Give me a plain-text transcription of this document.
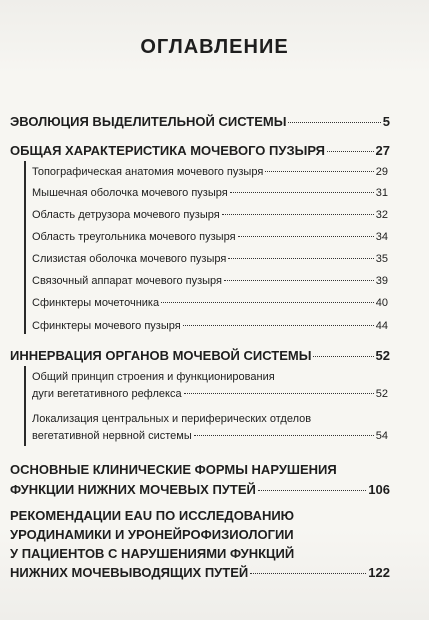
ОГЛАВЛЕНИЕ
ЭВОЛЮЦИЯ ВЫДЕЛИТЕЛЬНОЙ СИСТЕМЫ	5
ОБЩАЯ ХАРАКТЕРИСТИКА МОЧЕВОГО ПУЗЫРЯ	27
Топографическая анатомия мочевого пузыря	29
Мышечная оболочка мочевого пузыря	31
Область детрузора мочевого пузыря	32
Область треугольника мочевого пузыря	34
Слизистая оболочка мочевого пузыря	35
Связочный аппарат мочевого пузыря	39
Сфинктеры мочеточника	40
Сфинктеры мочевого пузыря	44
ИННЕРВАЦИЯ ОРГАНОВ МОЧЕВОЙ СИСТЕМЫ	52
Общий принцип строения и функционирования
дуги вегетативного рефлекса	52
Локализация центральных и периферических отделов
вегетативной нервной системы	54
ОСНОВНЫЕ КЛИНИЧЕСКИЕ ФОРМЫ НАРУШЕНИЯ
ФУНКЦИИ НИЖНИХ МОЧЕВЫХ ПУТЕЙ	106
РЕКОМЕНДАЦИИ EAU ПО ИССЛЕДОВАНИЮ
УРОДИНАМИКИ И УРОНЕЙРОФИЗИОЛОГИИ
У ПАЦИЕНТОВ С НАРУШЕНИЯМИ ФУНКЦИЙ
НИЖНИХ МОЧЕВЫВОДЯЩИХ ПУТЕЙ	122
